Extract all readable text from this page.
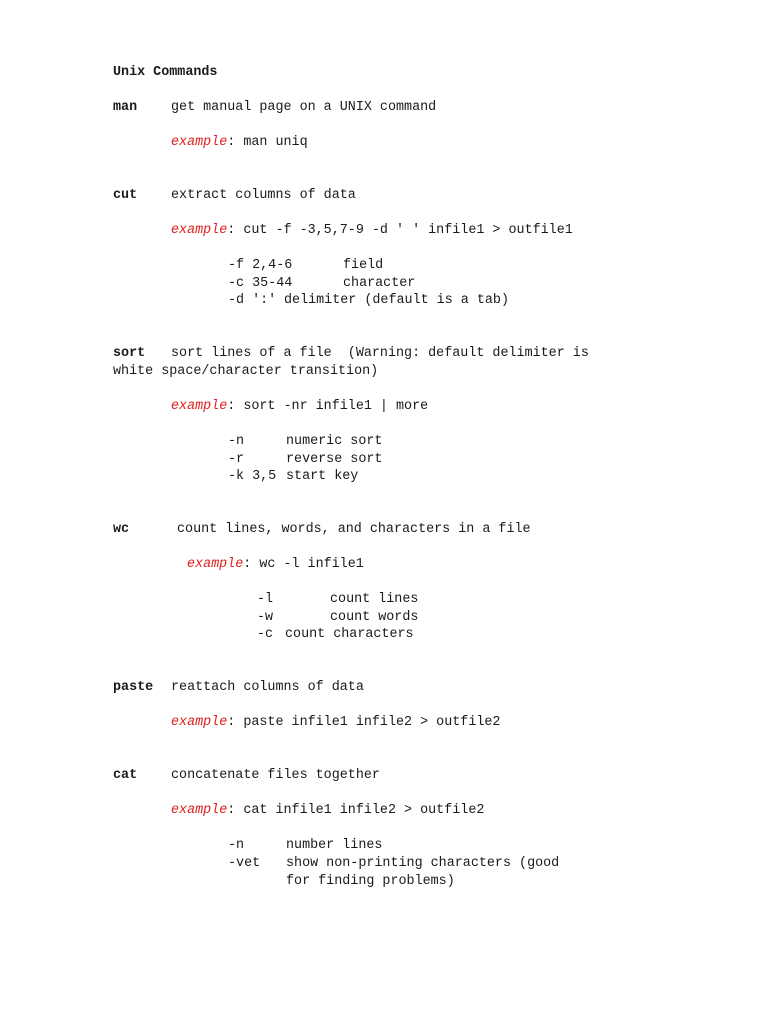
Unix Commands
man	get manual page on a UNIX command
example: man uniq
cut	extract columns of data
example: cut -f -3,5,7-9 -d ' ' infile1 > outfile1
-f 2,4-6	field
-c 35-44	character
-d ':' delimiter (default is a tab)
sort sort lines of a file  (Warning: default delimiter is
white space/character transition)
example: sort -nr infile1 | more
-n	numeric sort
-r	reverse sort
-k 3,5 start key
wc	count lines, words, and characters in a file
example: wc -l infile1
-l	count lines
-w	count words
-c count characters
paste reattach columns of data
example: paste infile1 infile2 > outfile2
cat	concatenate files together
example: cat infile1 infile2 > outfile2
-n	number lines
-vet show non-printing characters (good
for finding problems)
